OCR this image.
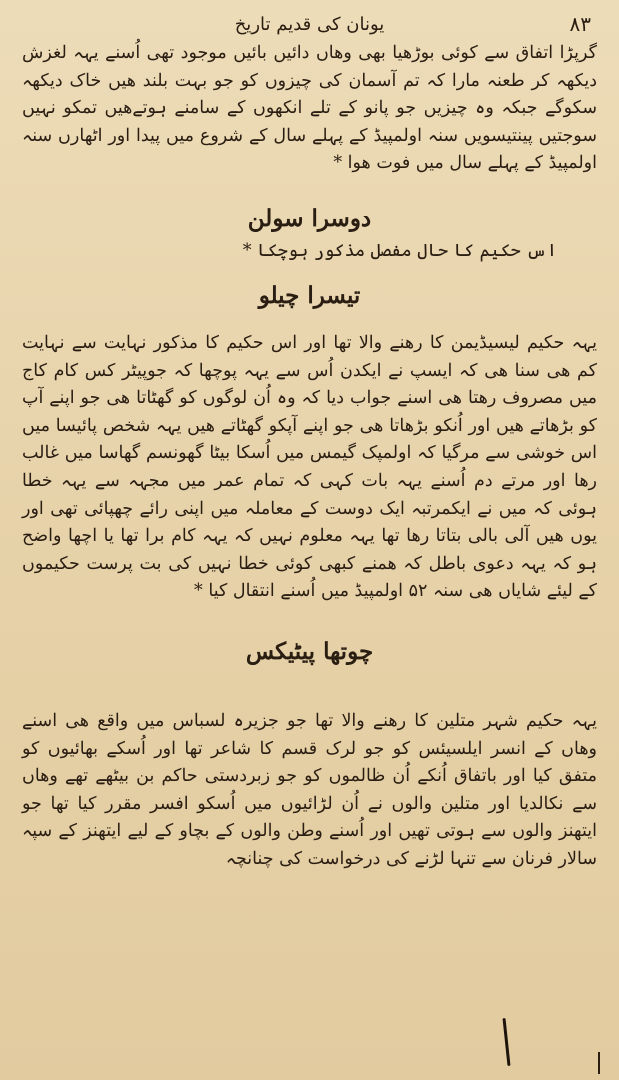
۸۳
یونان کی قدیم تاریخ

گرپڑا اتفاق سے کوئی بوڑھیا بھی وھاں دائیں بائیں موجود تھی اُسنے یہہ لغزش دیکھہ کر طعنہ مارا کہ تم آسمان کی چیزوں کو جو بہت بلند ھیں خاک دیکھہ سکوگے جبکہ وہ چیزیں جو پانو کے تلے انکھوں کے سامنے ہوتےھیں تمکو نہیں سوجتیں پینتیسویں سنہ اولمپیڈ کے پہلے سال کے شروع میں پیدا اور اٹھارں سنہ اولمپیڈ کے پہلے سال میں فوت ھوا *

دوسرا سولن

اس حکیم کا حال مفصل مذکور ہوچکا *

تیسرا چیلو

یہہ حکیم لیسیڈیمن کا رھنے والا تھا اور اس حکیم کا مذکور نہایت سے نہایت کم ھی سنا ھی کہ ایسپ نے ایکدن اُس سے یہہ پوچھا کہ جوپیٹر کس کام کاج میں مصروف رھتا ھی اسنے جواب دیا کہ وہ اُن لوگوں کو گھٹاتا ھی جو اپنے آپ کو بڑھاتے ھیں اور اُنکو بڑھاتا ھی جو اپنے آپکو گھٹاتے ھیں یہہ شخص پائیسا میں اس خوشی سے مرگیا کہ اولمپک گیمس میں اُسکا بیٹا گھونسم گھاسا میں غالب رھا اور مرتے دم اُسنے یہہ بات کہی کہ تمام عمر میں مجہہ سے یہہ خطا ہوئی کہ میں نے ایکمرتبہ ایک دوست کے معاملہ میں اپنی رائے چھپائی تھی اور یوں ھیں آلی بالی بتاتا رھا تھا یہہ معلوم نہیں کہ یہہ کام برا تھا یا اچھا واضح ہو کہ یہہ دعوی باطل کہ ھمنے کبھی کوئی خطا نہیں کی بت پرست حکیموں کے لیئے شایاں ھی سنہ ۵۲ اولمپیڈ میں اُسنے انتقال کیا *

چوتھا پیٹیکس

یہہ حکیم شہر متلین کا رھنے والا تھا جو جزیرہ لسباس میں واقع ھی اسنے وھاں کے انسر ایلسیئس کو جو لرک قسم کا شاعر تھا اور اُسکے بھائیوں کو متفق کیا اور باتفاق اُنکے اُن ظالموں کو جو زبردستی حاکم بن بیٹھے تھے وھاں سے نکالدیا اور متلین والوں نے اُن لڑائیوں میں اُسکو افسر مقرر کیا تھا جو ایتھنز والوں سے ہوتی تھیں اور اُسنے وطن والوں کے بچاو کے لیے ایتھنز کے سپہ سالار فرنان سے تنہا لڑنے کی درخواست کی چنانچہ
